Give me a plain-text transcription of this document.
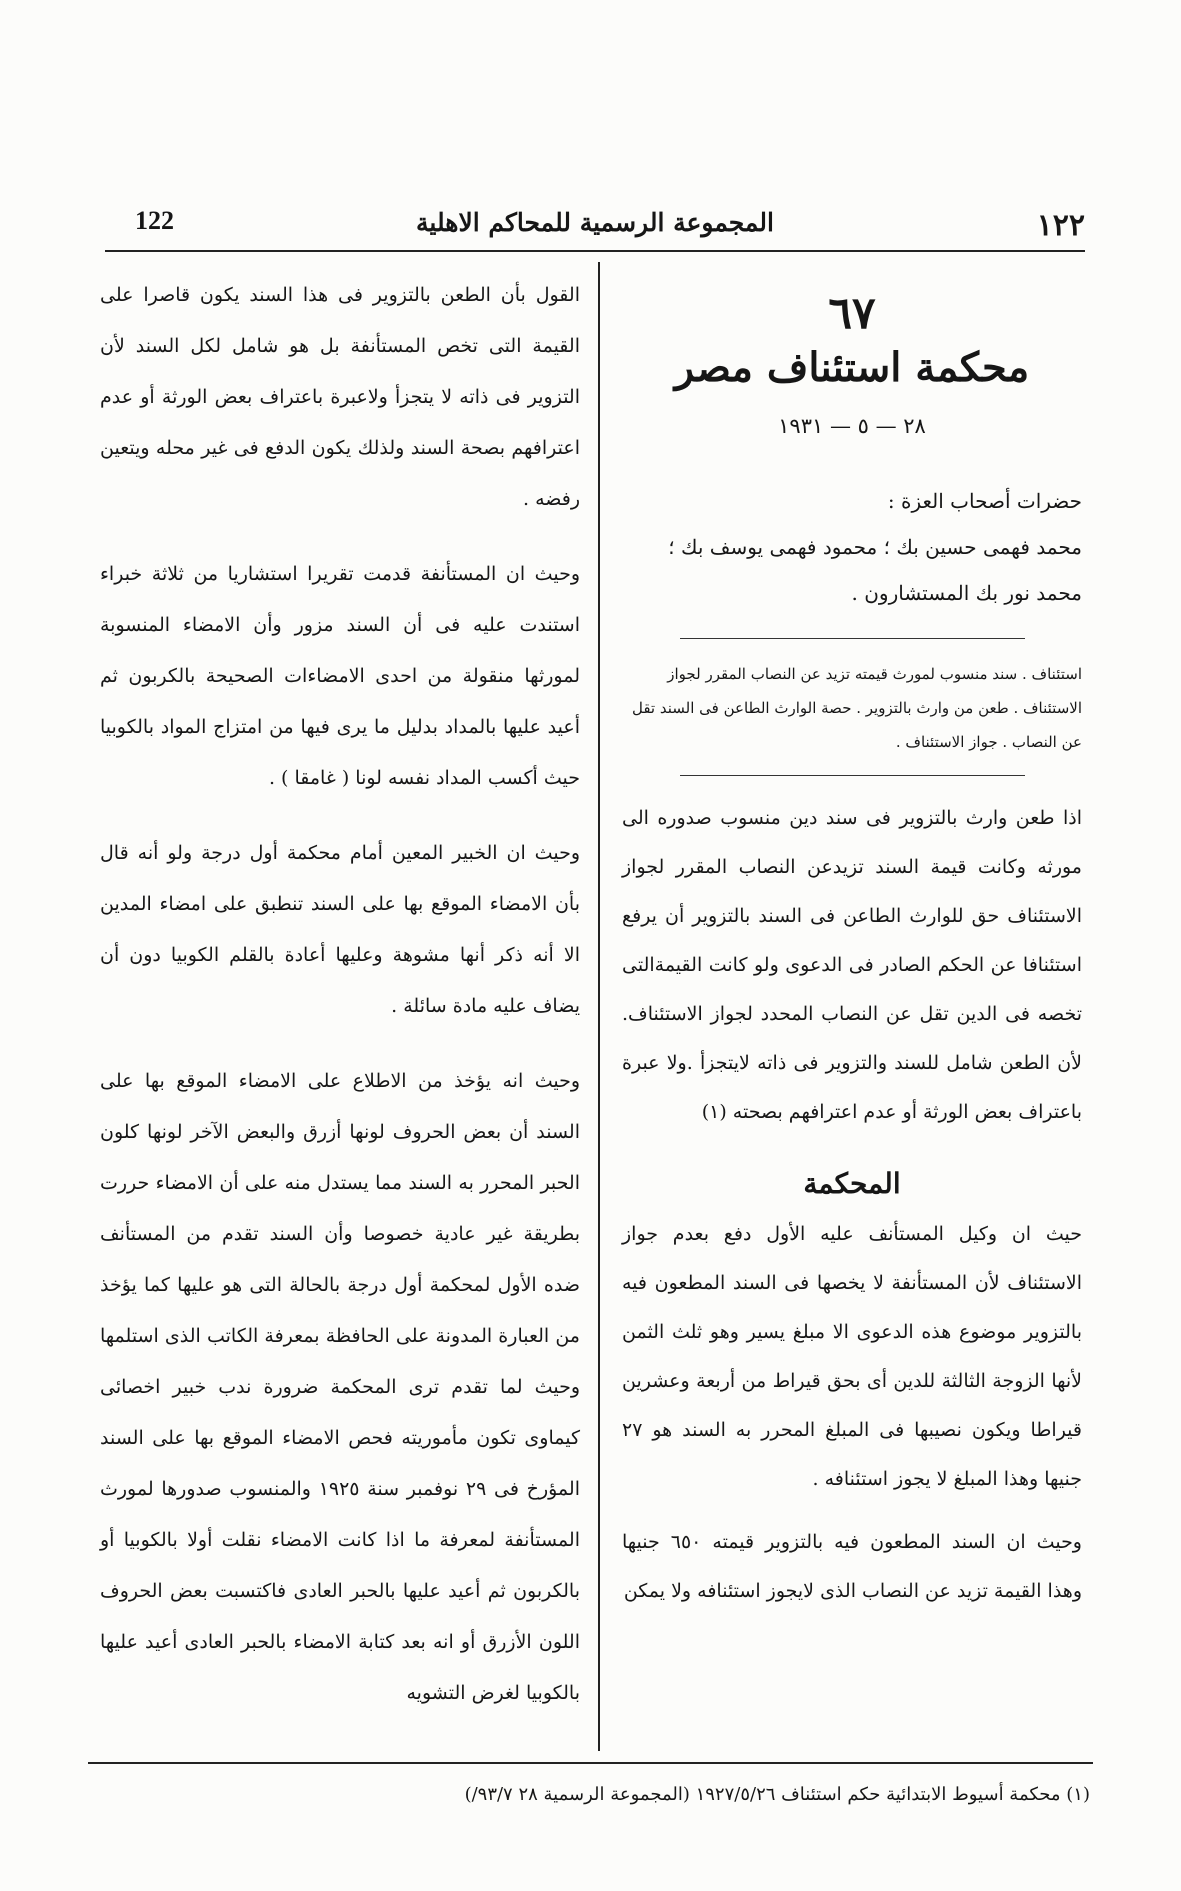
١٢٢
المجموعة الرسمية للمحاكم الاهلية
122
٦٧
محكمة استئناف مصر
٢٨ — ٥ — ١٩٣١
حضرات أصحاب العزة :
محمد فهمى حسين بك ؛ محمود فهمى يوسف بك ؛ محمد نور بك المستشارون .
استئناف . سند منسوب لمورث قيمته تزيد عن النصاب المقرر لجواز الاستئناف . طعن من وارث بالتزوير . حصة الوارث الطاعن فى السند تقل عن النصاب . جواز الاستئناف .
اذا طعن وارث بالتزوير فى سند دين منسوب صدوره الى مورثه وكانت قيمة السند تزيدعن النصاب المقرر لجواز الاستئناف حق للوارث الطاعن فى السند بالتزوير أن يرفع استئنافا عن الحكم الصادر فى الدعوى ولو كانت القيمةالتى تخصه فى الدين تقل عن النصاب المحدد لجواز الاستئناف. لأن الطعن شامل للسند والتزوير فى ذاته لايتجزأ .ولا عبرة باعتراف بعض الورثة أو عدم اعترافهم بصحته (١)
المحكمة

حيث ان وكيل المستأنف عليه الأول دفع بعدم جواز الاستئناف لأن المستأنفة لا يخصها فى السند المطعون فيه بالتزوير موضوع هذه الدعوى الا مبلغ يسير وهو ثلث الثمن لأنها الزوجة الثالثة للدين أى بحق قيراط من أربعة وعشرين قيراطا ويكون نصيبها فى المبلغ المحرر به السند هو ٢٧ جنيها وهذا المبلغ لا يجوز استئنافه .

وحيث ان السند المطعون فيه بالتزوير قيمته ٦٥٠ جنيها وهذا القيمة تزيد عن النصاب الذى لايجوز استئنافه ولا يمكن

القول بأن الطعن بالتزوير فى هذا السند يكون قاصرا على القيمة التى تخص المستأنفة بل هو شامل لكل السند لأن التزوير فى ذاته لا يتجزأ ولاعبرة باعتراف بعض الورثة أو عدم اعترافهم بصحة السند ولذلك يكون الدفع فى غير محله ويتعين رفضه .

وحيث ان المستأنفة قدمت تقريرا استشاريا من ثلاثة خبراء استندت عليه فى أن السند مزور وأن الامضاء المنسوبة لمورثها منقولة من احدى الامضاءات الصحيحة بالكربون ثم أعيد عليها بالمداد بدليل ما يرى فيها من امتزاج المواد بالكوبيا حيث أكسب المداد نفسه لونا ( غامقا ) .

وحيث ان الخبير المعين أمام محكمة أول درجة ولو أنه قال بأن الامضاء الموقع بها على السند تنطبق على امضاء المدين الا أنه ذكر أنها مشوهة وعليها أعادة بالقلم الكوبيا دون أن يضاف عليه مادة سائلة .

وحيث انه يؤخذ من الاطلاع على الامضاء الموقع بها على السند أن بعض الحروف لونها أزرق والبعض الآخر لونها كلون الحبر المحرر به السند مما يستدل منه على أن الامضاء حررت بطريقة غير عادية خصوصا وأن السند تقدم من المستأنف ضده الأول لمحكمة أول درجة بالحالة التى هو عليها كما يؤخذ من العبارة المدونة على الحافظة بمعرفة الكاتب الذى استلمها وحيث لما تقدم ترى المحكمة ضرورة ندب خبير اخصائى كيماوى تكون مأموريته فحص الامضاء الموقع بها على السند المؤرخ فى ٢٩ نوفمبر سنة ١٩٢٥ والمنسوب صدورها لمورث المستأنفة لمعرفة ما اذا كانت الامضاء نقلت أولا بالكوبيا أو بالكربون ثم أعيد عليها بالحبر العادى فاكتسبت بعض الحروف اللون الأزرق أو انه بعد كتابة الامضاء بالحبر العادى أعيد عليها بالكوبيا لغرض التشويه

(١) محكمة أسيوط الابتدائية حكم استئناف ١٩٢٧/٥/٢٦ (المجموعة الرسمية ٢٨ ٩٣/٧/)
